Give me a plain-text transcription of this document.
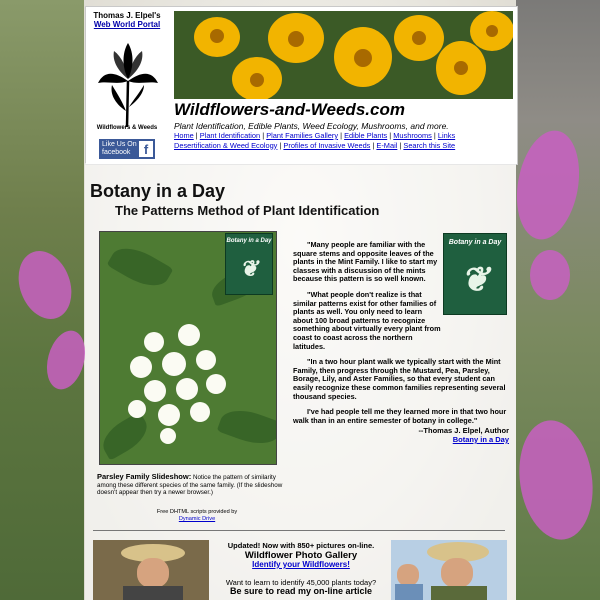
Thomas J. Elpel's
Web World Portal
Wildflowers & Weeds
Like Us On facebook	f
Wildflowers-and-Weeds.com
Plant Identification, Edible Plants, Weed Ecology, Mushrooms, and more.
Home | Plant Identification | Plant Families Gallery | Edible Plants | Mushrooms | Links
Desertification & Weed Ecology | Profiles of Invasive Weeds | E-Mail | Search this Site
Botany in a Day
The Patterns Method of Plant Identification
Botany in a Day
❦
Botany in a Day
❦

"Many people are familiar with the square stems and opposite leaves of the plants in the Mint Family. I like to start my classes with a discussion of the mints because this pattern is so well known.

"What people don't realize is that similar patterns exist for other families of plants as well. You only need to learn about 100 broad patterns to recognize something about virtually every plant from coast to coast across the northern latitudes.

"In a two hour plant walk we typically start with the Mint Family, then progress through the Mustard, Pea, Parsley, Borage, Lily, and Aster Families, so that every student can easily recognize these common families representing several thousand species.

I've had people tell me they learned more in that two hour walk than in an entire semester of botany in college."

--Thomas J. Elpel, Author
Botany in a Day
Parsley Family Slideshow: Notice the pattern of similarity among these different species of the same family. (If the slideshow doesn't appear then try a newer browser.)
Free DHTML scripts provided by
Dynamic Drive
Updated! Now with 850+ pictures on-line.
Wildflower Photo Gallery
Identify your Wildflowers!
Want to learn to identify 45,000 plants today?
Be sure to read my on-line article
